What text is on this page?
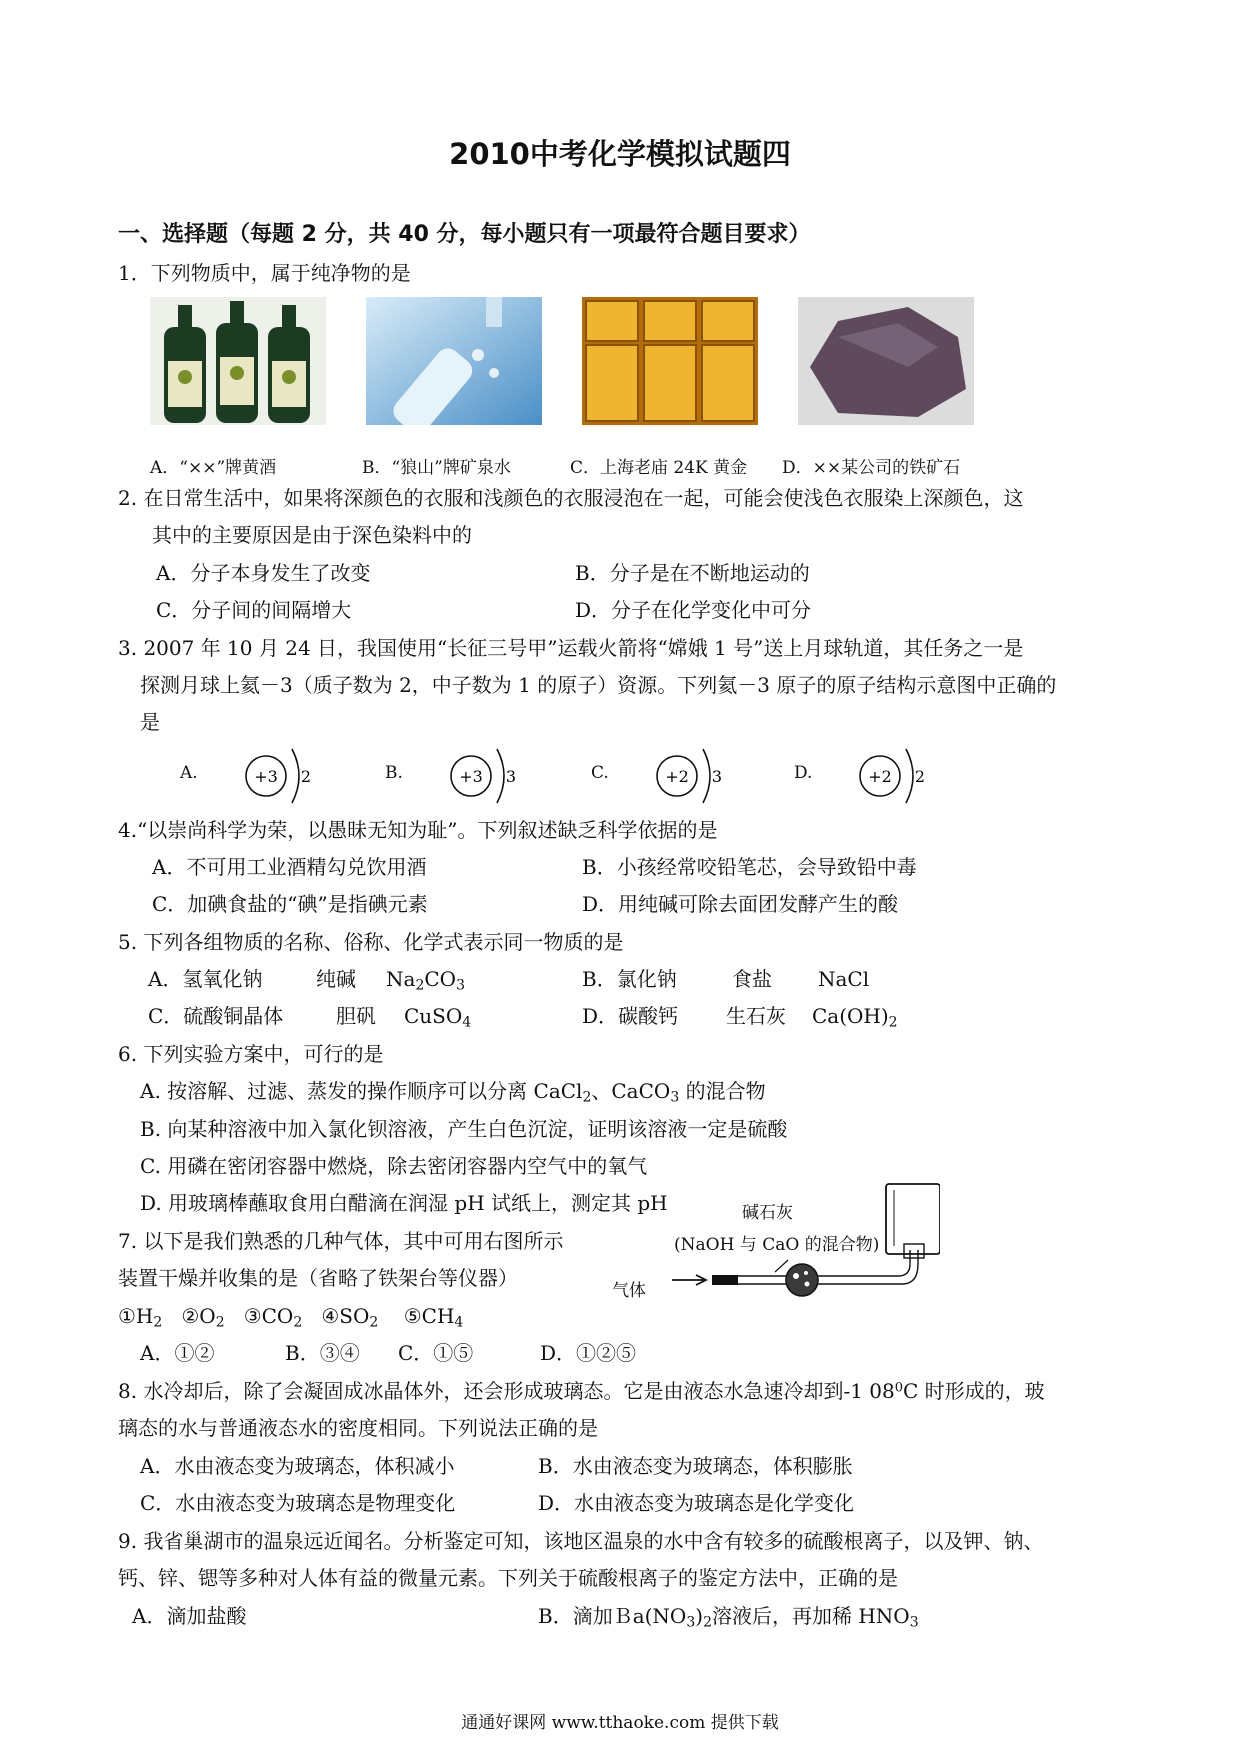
2010中考化学模拟试题四
一、选择题（每题 2 分，共 40 分，每小题只有一项最符合题目要求）
1．下列物质中，属于纯净物的是
A．“××”牌黄酒	B．“狼山”牌矿泉水	C．上海老庙 24K 黄金 D．××某公司的铁矿石
2. 在日常生活中，如果将深颜色的衣服和浅颜色的衣服浸泡在一起，可能会使浅色衣服染上深颜色，这
其中的主要原因是由于深色染料中的
A．分子本身发生了改变	B．分子是在不断地运动的
C．分子间的间隔增大	D．分子在化学变化中可分
3. 2007 年 10 月 24 日，我国使用“长征三号甲”运载火箭将“嫦娥 1 号”送上月球轨道，其任务之一是
探测月球上氦－3（质子数为 2，中子数为 1 的原子）资源。下列氦－3 原子的原子结构示意图中正确的
是
A.	+3 2	B.	+3 3	C.	+2 3	D.	+2 2
4.“以崇尚科学为荣，以愚昧无知为耻”。下列叙述缺乏科学依据的是
A．不可用工业酒精勾兑饮用酒	B．小孩经常咬铅笔芯，会导致铅中毒
C．加碘食盐的“碘”是指碘元素	D．用纯碱可除去面团发酵产生的酸
5. 下列各组物质的名称、俗称、化学式表示同一物质的是
A．氢氧化钠	纯碱 $Na_2CO_3$	B．氯化钠	食盐 NaCl
C．硫酸铜晶体	胆矾 CuSO$_4$	D．碳酸钙 生石灰 $Ca(OH)_2$
6. 下列实验方案中，可行的是
A. 按溶解、过滤、蒸发的操作顺序可以分离 CaCl$_2$、CaCO$_3$ 的混合物
B. 向某种溶液中加入氯化钡溶液，产生白色沉淀，证明该溶液一定是硫酸
C. 用磷在密闭容器中燃烧，除去密闭容器内空气中的氧气
D. 用玻璃棒蘸取食用白醋滴在润湿 pH 试纸上，测定其 pH
7. 以下是我们熟悉的几种气体，其中可用右图所示
装置干燥并收集的是（省略了铁架台等仪器）
$①H_2$   $②O_2$   $③CO_2$   $④SO_2$    $⑤CH_4$
A．①②	B．③④ C．①⑤	D．①②⑤
碱石灰
(NaOH 与 CaO 的混合物)
气体
8. 水冷却后，除了会凝固成冰晶体外，还会形成玻璃态。它是由液态水急速冷却到-1 $08^0C$ 时形成的，玻
璃态的水与普通液态水的密度相同。下列说法正确的是
A．水由液态变为玻璃态，体积减小	B．水由液态变为玻璃态，体积膨胀
C．水由液态变为玻璃态是物理变化	D．水由液态变为玻璃态是化学变化
9. 我省巢湖市的温泉远近闻名。分析鉴定可知，该地区温泉的水中含有较多的硫酸根离子，以及钾、钠、
钙、锌、锶等多种对人体有益的微量元素。下列关于硫酸根离子的鉴定方法中，正确的是
A．滴加盐酸	B．滴加$Ba(NO_3)_2$溶液后，再加稀 $HNO_3$
通通好课网 www.tthaoke.com 提供下载
